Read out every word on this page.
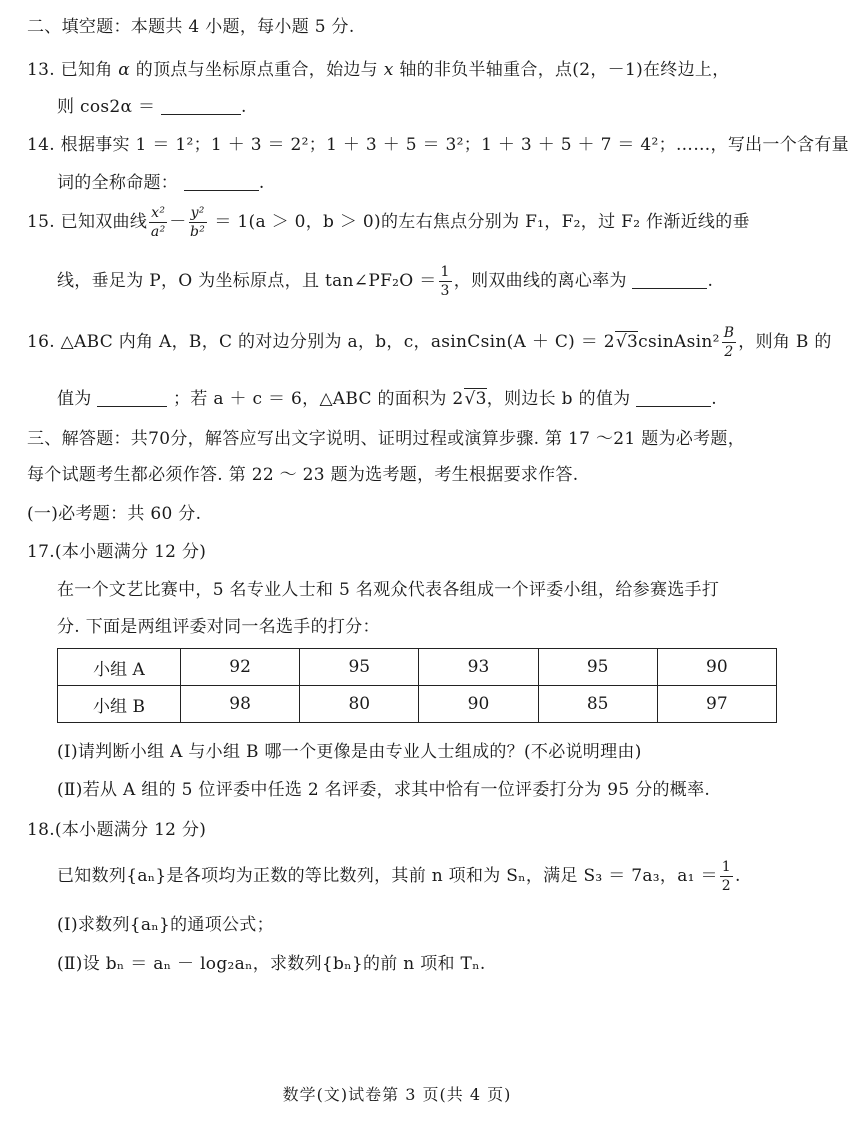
二、填空题：本题共 4 小题，每小题 5 分.
13. 已知角 α 的顶点与坐标原点重合，始边与 x 轴的非负半轴重合，点(2，－1)在终边上，
则 cos2α ＝	.
14. 根据事实 1 ＝ 1²；1 ＋ 3 ＝ 2²；1 ＋ 3 ＋ 5 ＝ 3²；1 ＋ 3 ＋ 5 ＋ 7 ＝ 4²；……，写出一个含有量
词的全称命题：	.
15. 已知双曲线 $\frac{\text{x²}}{\text{a²}} - \frac{\text{y²}}{\text{b²}} = 1(a > 0$，b ＞ 0)的左右焦点分别为 F₁，F₂，过 F₂ 作渐近线的垂
线，垂足为 P，O 为坐标原点，且 tan∠PF₂O ＝ $\frac{1}{3}$ ，则双曲线的离心率为	.
16. △ABC 内角 A，B，C 的对边分别为 a，b，c，asinCsin(A ＋ C) ＝ 2√3csinAsin² $\frac{B}{2}$ ，则角 B 的
值为	；若 a ＋ c ＝ 6，△ABC 的面积为 2√3，则边长 b 的值为	.
三、解答题：共70分，解答应写出文字说明、证明过程或演算步骤. 第 17 ～21 题为必考题，
每个试题考生都必须作答. 第 22 ～ 23 题为选考题，考生根据要求作答.
(一)必考题：共 60 分.
17.(本小题满分 12 分)
在一个文艺比赛中，5 名专业人士和 5 名观众代表各组成一个评委小组，给参赛选手打
分. 下面是两组评委对同一名选手的打分：
小组 A	92	95	93	95	90
小组 B	98	80	90	85	97
(Ⅰ)请判断小组 A 与小组 B 哪一个更像是由专业人士组成的？(不必说明理由)
(Ⅱ)若从 A 组的 5 位评委中任选 2 名评委，求其中恰有一位评委打分为 95 分的概率.
18.(本小题满分 12 分)
已知数列{aₙ}是各项均为正数的等比数列，其前 n 项和为 Sₙ，满足 S₃ ＝ 7a₃，$a_1 = \frac{1}{2}$ .
(Ⅰ)求数列{aₙ}的通项公式；
(Ⅱ)设 bₙ ＝ aₙ － log₂aₙ，求数列{bₙ}的前 n 项和 Tₙ.
数学(文)试卷第 3 页(共 4 页)
